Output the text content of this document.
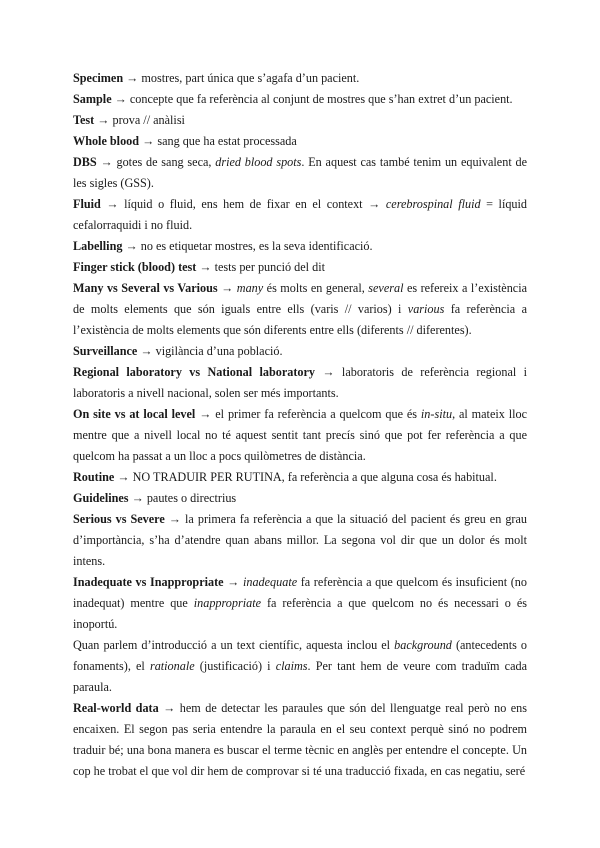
Specimen → mostres, part única que s’agafa d’un pacient.

Sample → concepte que fa referència al conjunt de mostres que s’han extret d’un pacient.

Test → prova // anàlisi

Whole blood → sang que ha estat processada

DBS → gotes de sang seca, dried blood spots. En aquest cas també tenim un equivalent de les sigles (GSS).

Fluid → líquid o fluid, ens hem de fixar en el context → cerebrospinal fluid = líquid cefalorraquidi i no fluid.

Labelling → no es etiquetar mostres, es la seva identificació.

Finger stick (blood) test → tests per punció del dit

Many vs Several vs Various → many és molts en general, several es refereix a l’existència de molts elements que són iguals entre ells (varis // varios) i various fa referència a l’existència de molts elements que són diferents entre ells (diferents // diferentes).

Surveillance → vigilància d’una població.

Regional laboratory vs National laboratory → laboratoris de referència regional i laboratoris a nivell nacional, solen ser més importants.

On site vs at local level → el primer fa referència a quelcom que és in-situ, al mateix lloc mentre que a nivell local no té aquest sentit tant precís sinó que pot fer referència a que quelcom ha passat a un lloc a pocs quilòmetres de distància.

Routine → NO TRADUIR PER RUTINA, fa referència a que alguna cosa és habitual.

Guidelines → pautes o directrius

Serious vs Severe → la primera fa referència a que la situació del pacient és greu en grau d’importància, s’ha d’atendre quan abans millor. La segona vol dir que un dolor és molt intens.

Inadequate vs Inappropriate → inadequate fa referència a que quelcom és insuficient (no inadequat) mentre que inappropriate fa referència a que quelcom no és necessari o és inoportú.

Quan parlem d’introducció a un text científic, aquesta inclou el background (antecedents o fonaments), el rationale (justificació) i claims. Per tant hem de veure com traduïm cada paraula.

Real-world data → hem de detectar les paraules que són del llenguatge real però no ens encaixen. El segon pas seria entendre la paraula en el seu context perquè sinó no podrem traduir bé; una bona manera es buscar el terme tècnic en anglès per entendre el concepte. Un cop he trobat el que vol dir hem de comprovar si té una traducció fixada, en cas negatiu, seré
